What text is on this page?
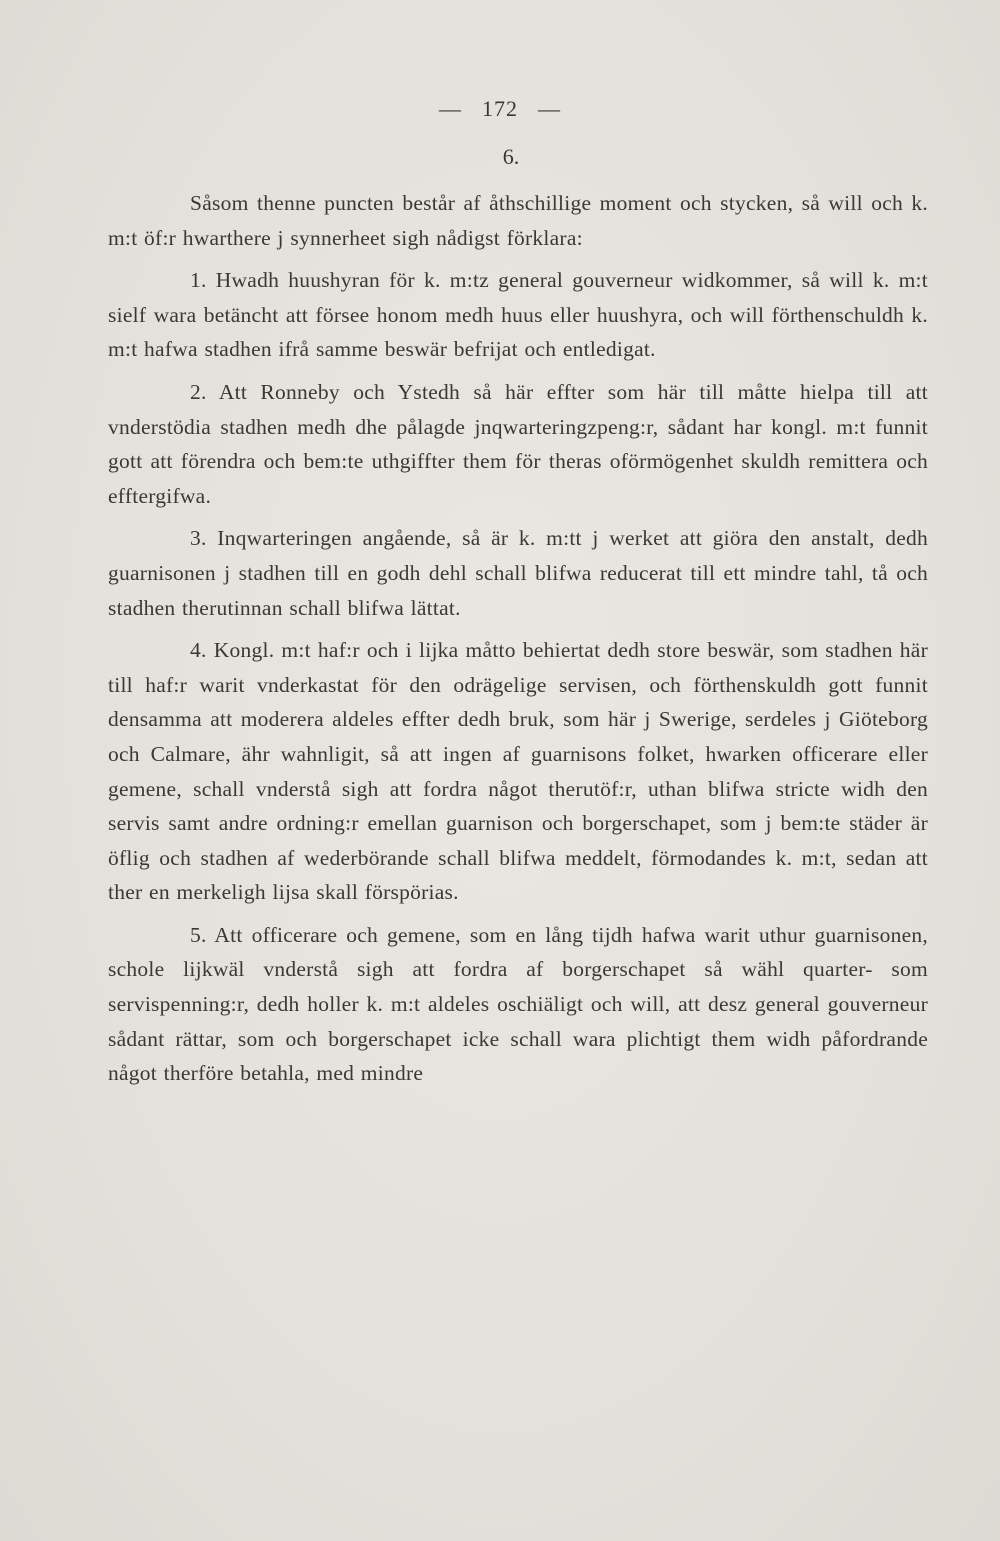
— 172 —
6.

Såsom thenne puncten består af åthschillige moment och stycken, så will och k. m:t öf:r hwarthere j synnerheet sigh nådigst förklara:

1. Hwadh huushyran för k. m:tz general gouverneur widkommer, så will k. m:t sielf wara betäncht att försee honom medh huus eller huushyra, och will förthenschuldh k. m:t hafwa stadhen ifrå samme beswär befrijat och entledigat.

2. Att Ronneby och Ystedh så här effter som här till måtte hielpa till att vnderstödia stadhen medh dhe pålagde jnqwarteringzpeng:r, sådant har kongl. m:t funnit gott att förendra och bem:te uthgiffter them för theras oförmögenhet skuldh remittera och efftergifwa.

3. Inqwarteringen angående, så är k. m:tt j werket att giöra den anstalt, dedh guarnisonen j stadhen till en godh dehl schall blifwa reducerat till ett mindre tahl, tå och stadhen therutinnan schall blifwa lättat.

4. Kongl. m:t haf:r och i lijka måtto behiertat dedh store beswär, som stadhen här till haf:r warit vnderkastat för den odrägelige servisen, och förthenskuldh gott funnit densamma att moderera aldeles effter dedh bruk, som här j Swerige, serdeles j Giöteborg och Calmare, ähr wahnligit, så att ingen af guarnisons folket, hwarken officerare eller gemene, schall vnderstå sigh att fordra något therutöf:r, uthan blifwa stricte widh den servis samt andre ordning:r emellan guarnison och borgerschapet, som j bem:te städer är öflig och stadhen af wederbörande schall blifwa meddelt, förmodandes k. m:t, sedan att ther en merkeligh lijsa skall förspörias.

5. Att officerare och gemene, som en lång tijdh hafwa warit uthur guarnisonen, schole lijkwäl vnderstå sigh att fordra af borgerschapet så wähl quarter- som servispenning:r, dedh holler k. m:t aldeles oschiäligt och will, att desz general gouverneur sådant rättar, som och borgerschapet icke schall wara plichtigt them widh påfordrande något therföre betahla, med mindre
